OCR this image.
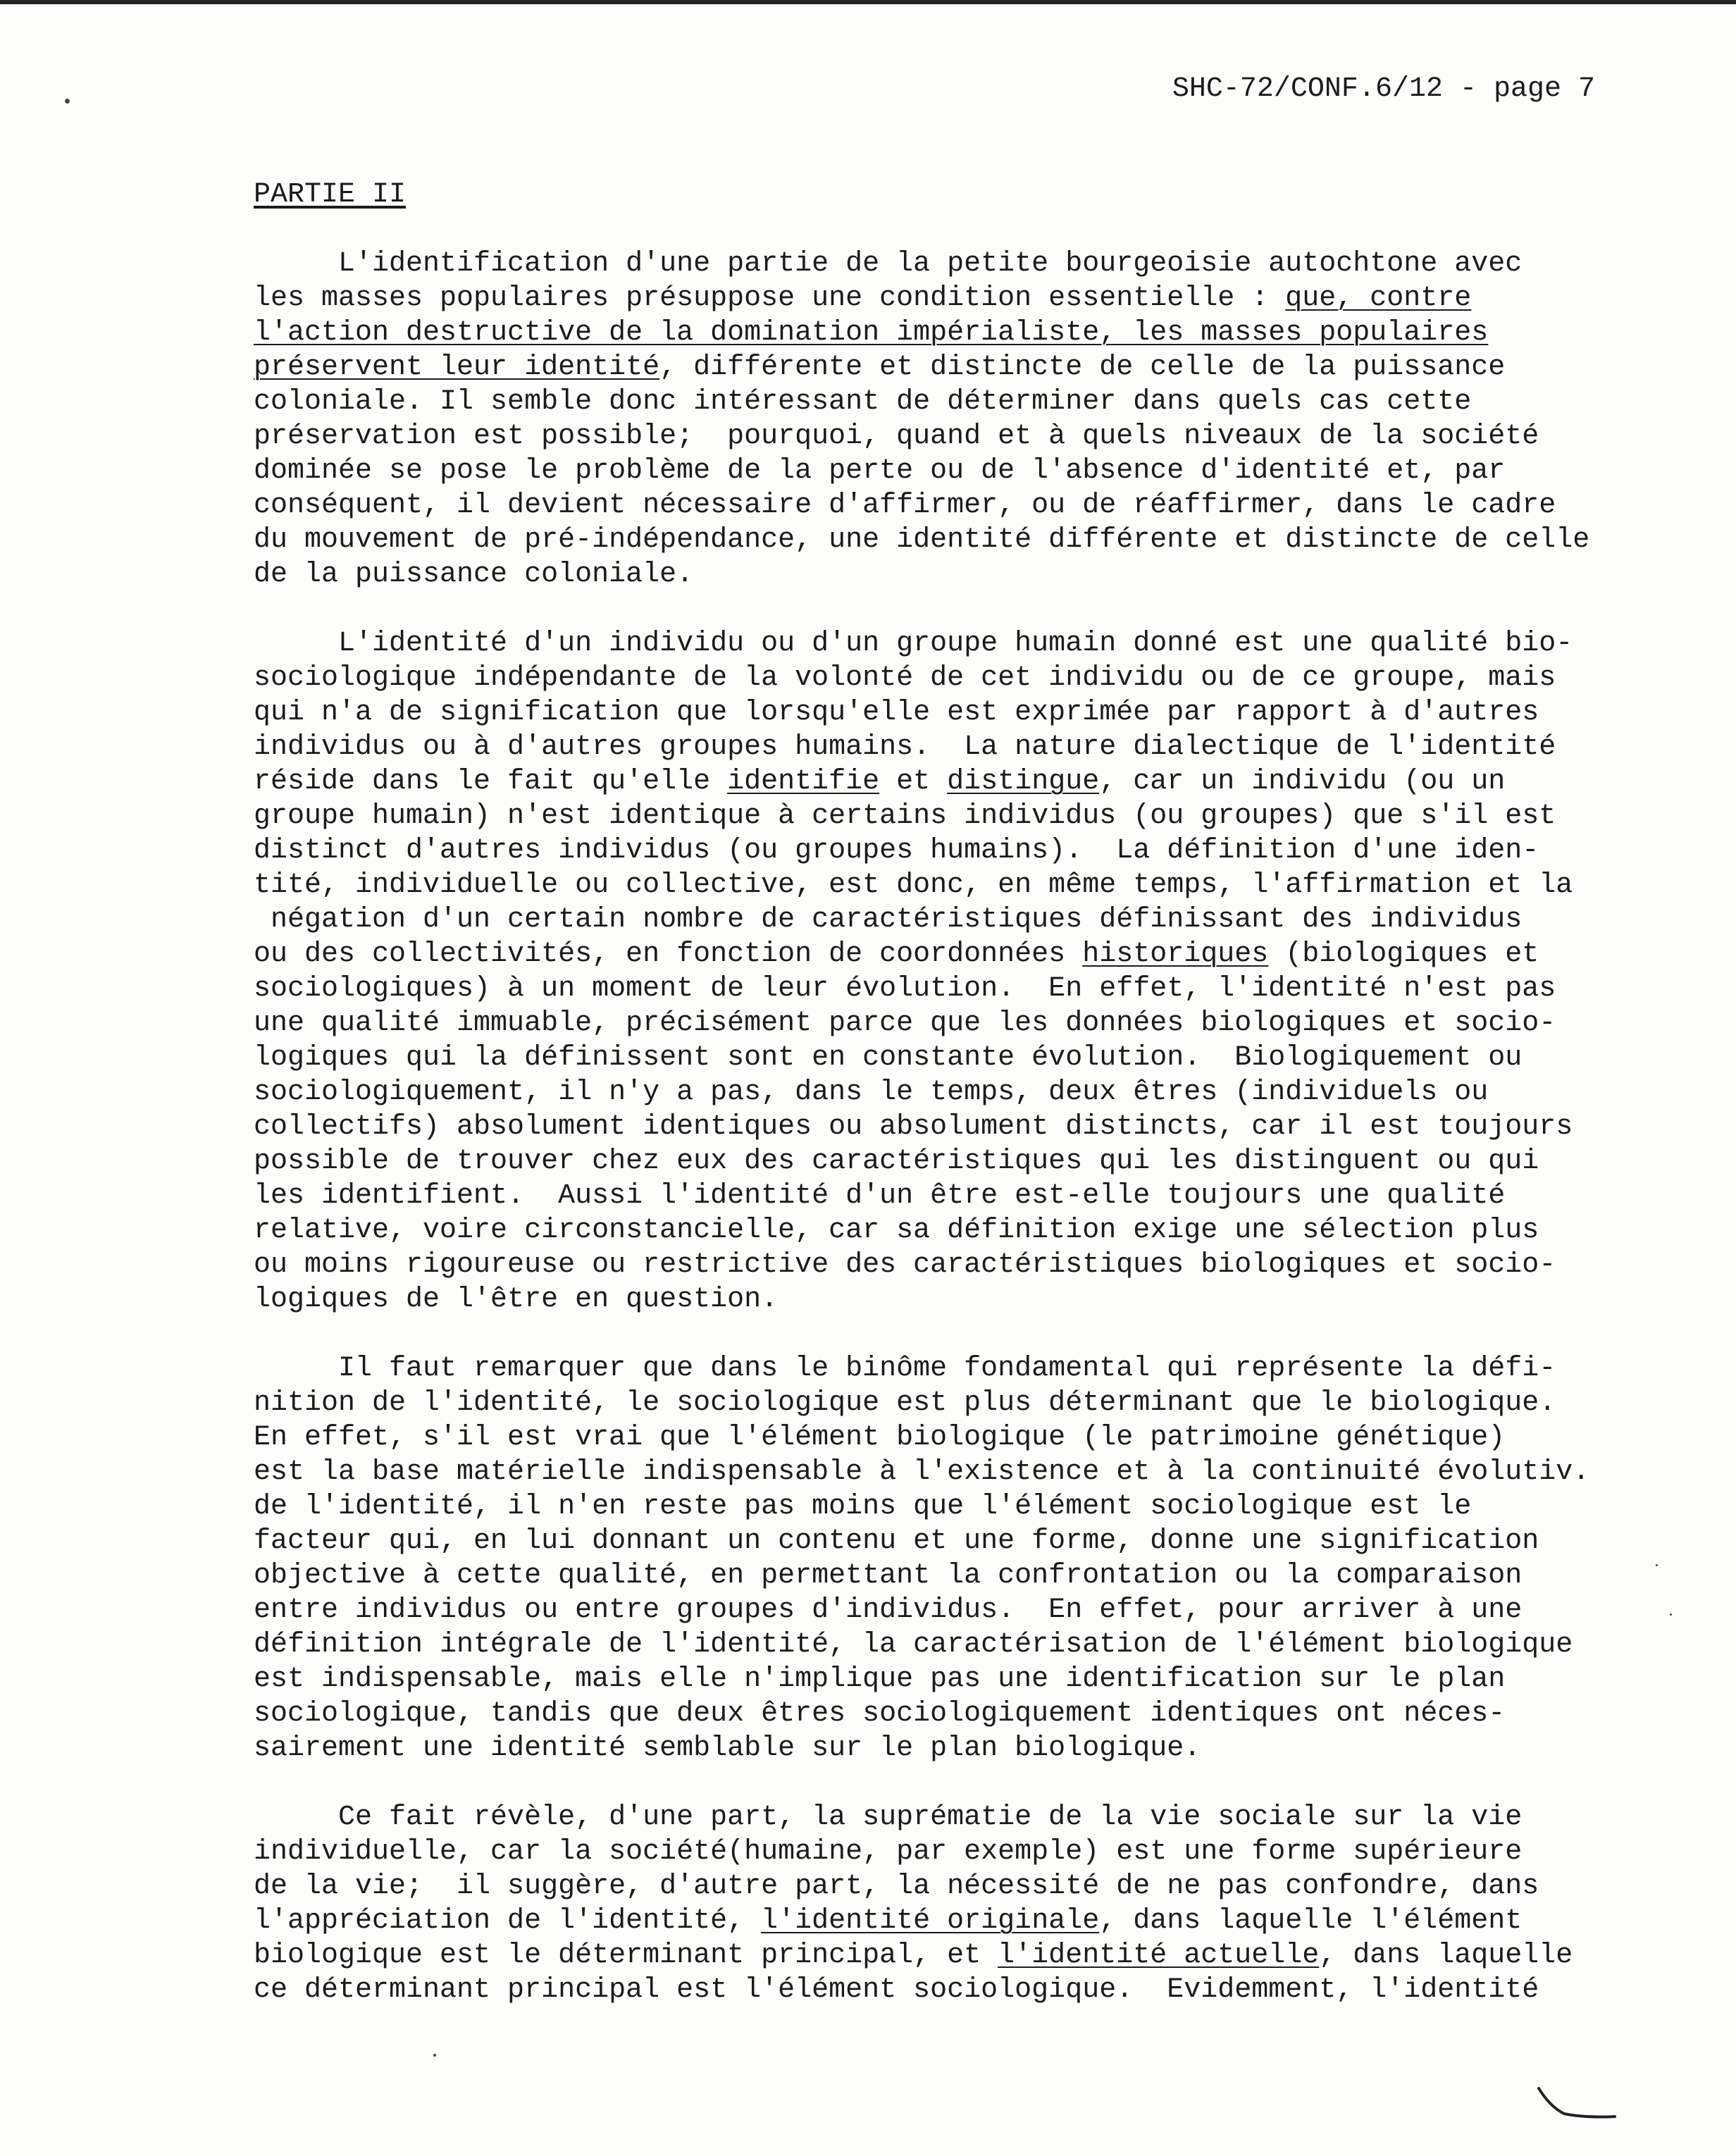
SHC-72/CONF.6/12 - page 7
PARTIE II
L'identification d'une partie de la petite bourgeoisie autochtone avec
les masses populaires présuppose une condition essentielle : que, contre
l'action destructive de la domination impérialiste, les masses populaires
préservent leur identité, différente et distincte de celle de la puissance
coloniale. Il semble donc intéressant de déterminer dans quels cas cette
préservation est possible;  pourquoi, quand et à quels niveaux de la société
dominée se pose le problème de la perte ou de l'absence d'identité et, par
conséquent, il devient nécessaire d'affirmer, ou de réaffirmer, dans le cadre
du mouvement de pré-indépendance, une identité différente et distincte de celle
de la puissance coloniale.
L'identité d'un individu ou d'un groupe humain donné est une qualité bio-
sociologique indépendante de la volonté de cet individu ou de ce groupe, mais
qui n'a de signification que lorsqu'elle est exprimée par rapport à d'autres
individus ou à d'autres groupes humains.  La nature dialectique de l'identité
réside dans le fait qu'elle identifie et distingue, car un individu (ou un
groupe humain) n'est identique à certains individus (ou groupes) que s'il est
distinct d'autres individus (ou groupes humains).  La définition d'une iden-
tité, individuelle ou collective, est donc, en même temps, l'affirmation et la
négation d'un certain nombre de caractéristiques définissant des individus
ou des collectivités, en fonction de coordonnées historiques (biologiques et
sociologiques) à un moment de leur évolution.  En effet, l'identité n'est pas
une qualité immuable, précisément parce que les données biologiques et socio-
logiques qui la définissent sont en constante évolution.  Biologiquement ou
sociologiquement, il n'y a pas, dans le temps, deux êtres (individuels ou
collectifs) absolument identiques ou absolument distincts, car il est toujours
possible de trouver chez eux des caractéristiques qui les distinguent ou qui
les identifient.  Aussi l'identité d'un être est-elle toujours une qualité
relative, voire circonstancielle, car sa définition exige une sélection plus
ou moins rigoureuse ou restrictive des caractéristiques biologiques et socio-
logiques de l'être en question.
Il faut remarquer que dans le binôme fondamental qui représente la défi-
nition de l'identité, le sociologique est plus déterminant que le biologique.
En effet, s'il est vrai que l'élément biologique (le patrimoine génétique)
est la base matérielle indispensable à l'existence et à la continuité évolutiv.
de l'identité, il n'en reste pas moins que l'élément sociologique est le
facteur qui, en lui donnant un contenu et une forme, donne une signification
objective à cette qualité, en permettant la confrontation ou la comparaison
entre individus ou entre groupes d'individus.  En effet, pour arriver à une
définition intégrale de l'identité, la caractérisation de l'élément biologique
est indispensable, mais elle n'implique pas une identification sur le plan
sociologique, tandis que deux êtres sociologiquement identiques ont néces-
sairement une identité semblable sur le plan biologique.
Ce fait révèle, d'une part, la suprématie de la vie sociale sur la vie
individuelle, car la société(humaine, par exemple) est une forme supérieure
de la vie;  il suggère, d'autre part, la nécessité de ne pas confondre, dans
l'appréciation de l'identité, l'identité originale, dans laquelle l'élément
biologique est le déterminant principal, et l'identité actuelle, dans laquelle
ce déterminant principal est l'élément sociologique.  Evidemment, l'identité
